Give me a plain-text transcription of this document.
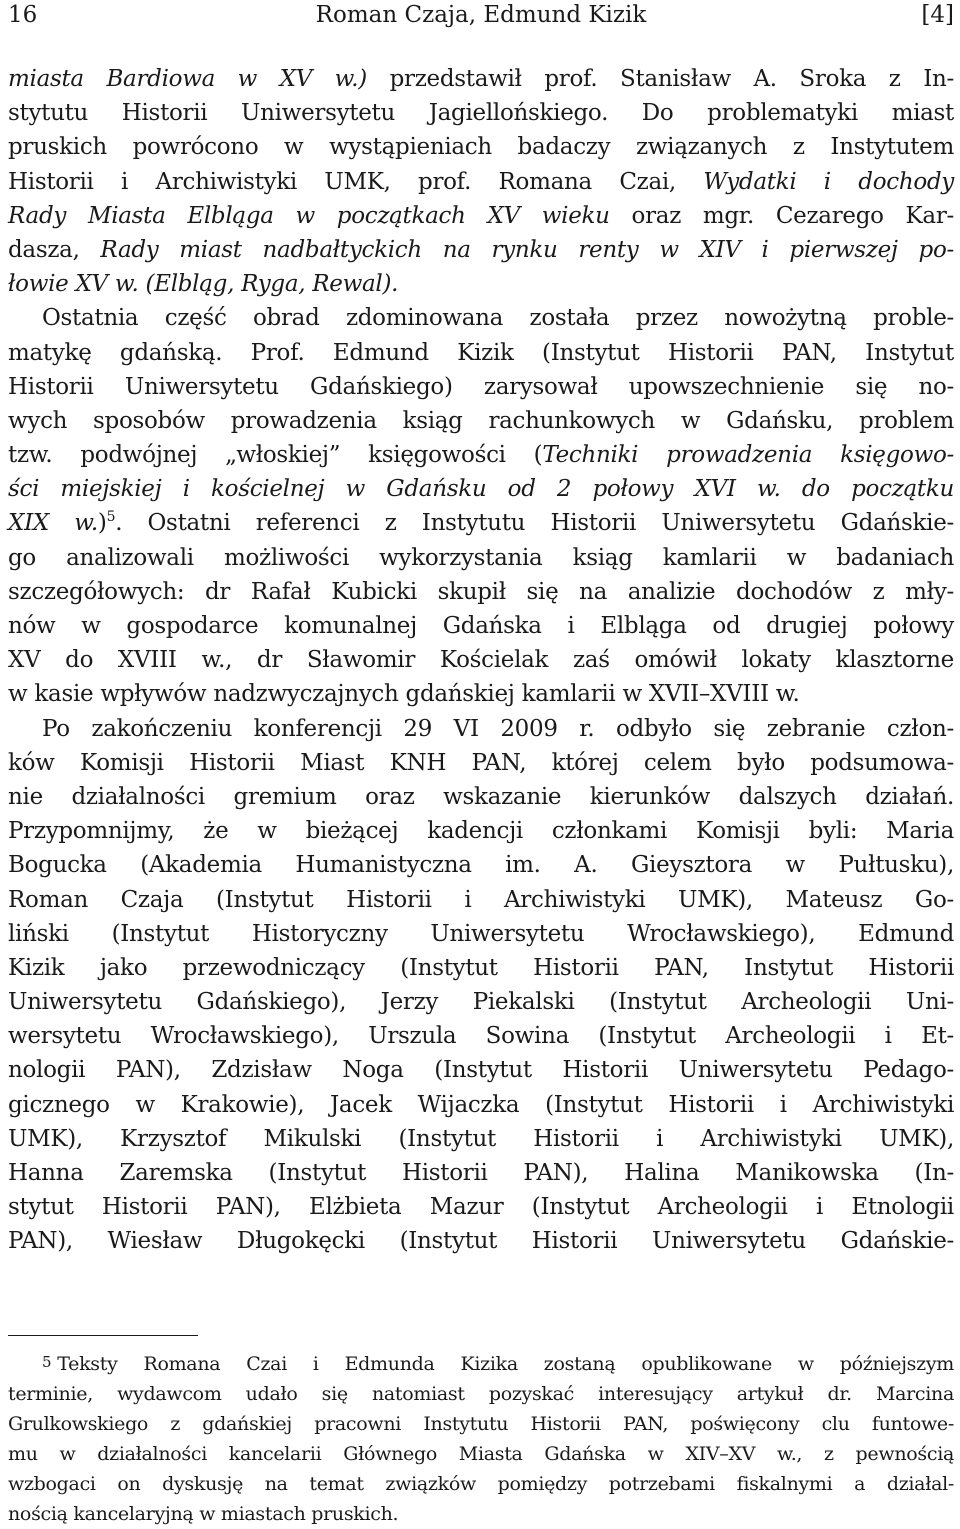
16	Roman Czaja, Edmund Kizik	[4]
miasta Bardiowa w XV w.) przedstawił prof. Stanisław A. Sroka z In-
stytutu Historii Uniwersytetu Jagiellońskiego. Do problematyki miast
pruskich powrócono w wystąpieniach badaczy związanych z Instytutem
Historii i Archiwistyki UMK, prof. Romana Czai, Wydatki i dochody
Rady Miasta Elbląga w początkach XV wieku oraz mgr. Cezarego Kar-
dasza, Rady miast nadbałtyckich na rynku renty w XIV i pierwszej po-
łowie XV w. (Elbląg, Ryga, Rewal).
Ostatnia część obrad zdominowana została przez nowożytną proble-
matykę gdańską. Prof. Edmund Kizik (Instytut Historii PAN, Instytut
Historii Uniwersytetu Gdańskiego) zarysował upowszechnienie się no-
wych sposobów prowadzenia ksiąg rachunkowych w Gdańsku, problem
tzw. podwójnej „włoskiej” księgowości (Techniki prowadzenia księgowo-
ści miejskiej i kościelnej w Gdańsku od 2 połowy XVI w. do początku
XIX w.)$^5$. Ostatni referenci z Instytutu Historii Uniwersytetu Gdańskie-
go analizowali możliwości wykorzystania ksiąg kamlarii w badaniach
szczegółowych: dr Rafał Kubicki skupił się na analizie dochodów z mły-
nów w gospodarce komunalnej Gdańska i Elbląga od drugiej połowy
XV do XVIII w., dr Sławomir Kościelak zaś omówił lokaty klasztorne
w kasie wpływów nadzwyczajnych gdańskiej kamlarii w XVII–XVIII w.
Po zakończeniu konferencji 29 VI 2009 r. odbyło się zebranie człon-
ków Komisji Historii Miast KNH PAN, której celem było podsumowa-
nie działalności gremium oraz wskazanie kierunków dalszych działań.
Przypomnijmy, że w bieżącej kadencji członkami Komisji byli: Maria
Bogucka (Akademia Humanistyczna im. A. Gieysztora w Pułtusku),
Roman Czaja (Instytut Historii i Archiwistyki UMK), Mateusz Go-
liński (Instytut Historyczny Uniwersytetu Wrocławskiego), Edmund
Kizik jako przewodniczący (Instytut Historii PAN, Instytut Historii
Uniwersytetu Gdańskiego), Jerzy Piekalski (Instytut Archeologii Uni-
wersytetu Wrocławskiego), Urszula Sowina (Instytut Archeologii i Et-
nologii PAN), Zdzisław Noga (Instytut Historii Uniwersytetu Pedago-
gicznego w Krakowie), Jacek Wijaczka (Instytut Historii i Archiwistyki
UMK), Krzysztof Mikulski (Instytut Historii i Archiwistyki UMK),
Hanna Zaremska (Instytut Historii PAN), Halina Manikowska (In-
stytut Historii PAN), Elżbieta Mazur (Instytut Archeologii i Etnologii
PAN), Wiesław Długokęcki (Instytut Historii Uniwersytetu Gdańskie-
5 Teksty Romana Czai i Edmunda Kizika zostaną opublikowane w późniejszym
terminie, wydawcom udało się natomiast pozyskać interesujący artykuł dr. Marcina
Grulkowskiego z gdańskiej pracowni Instytutu Historii PAN, poświęcony clu funtowe-
mu w działalności kancelarii Głównego Miasta Gdańska w XIV–XV w., z pewnością
wzbogaci on dyskusję na temat związków pomiędzy potrzebami fiskalnymi a działal-
nością kancelaryjną w miastach pruskich.
